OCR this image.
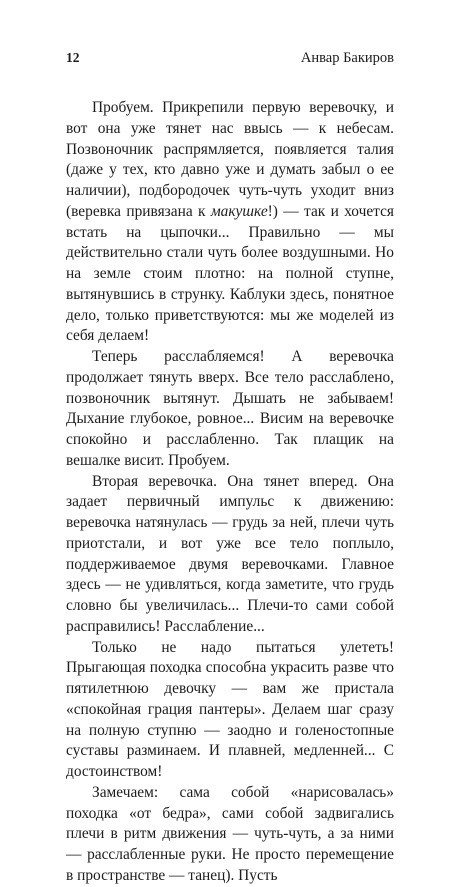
12	Анвар Бакиров

Пробуем. Прикрепили первую веревочку, и вот она уже тянет нас ввысь — к небесам. Позвоночник распрямляется, появляется талия (даже у тех, кто давно уже и думать забыл о ее наличии), подбородочек чуть-чуть уходит вниз (веревка привязана к макушке!) — так и хочется встать на цыпочки... Правильно — мы действительно стали чуть более воздушными. Но на земле стоим плотно: на полной ступне, вытянувшись в струнку. Каблуки здесь, понятное дело, только приветствуются: мы же моделей из себя делаем!

Теперь расслабляемся! А веревочка продолжает тянуть вверх. Все тело расслаблено, позвоночник вытянут. Дышать не забываем! Дыхание глубокое, ровное... Висим на веревочке спокойно и расслабленно. Так плащик на вешалке висит. Пробуем.

Вторая веревочка. Она тянет вперед. Она задает первичный импульс к движению: веревочка натянулась — грудь за ней, плечи чуть приотстали, и вот уже все тело поплыло, поддерживаемое двумя веревочками. Главное здесь — не удивляться, когда заметите, что грудь словно бы увеличилась... Плечи-то сами собой расправились! Расслабление...

Только не надо пытаться улететь! Прыгающая походка способна украсить разве что пятилетнюю девочку — вам же пристала «спокойная грация пантеры». Делаем шаг сразу на полную ступню — заодно и голеностопные суставы разминаем. И плавней, медленней... С достоинством!

Замечаем: сама собой «нарисовалась» походка «от бедра», сами собой задвигались плечи в ритм движения — чуть-чуть, а за ними — расслабленные руки. Не просто перемещение в пространстве — танец). Пусть
